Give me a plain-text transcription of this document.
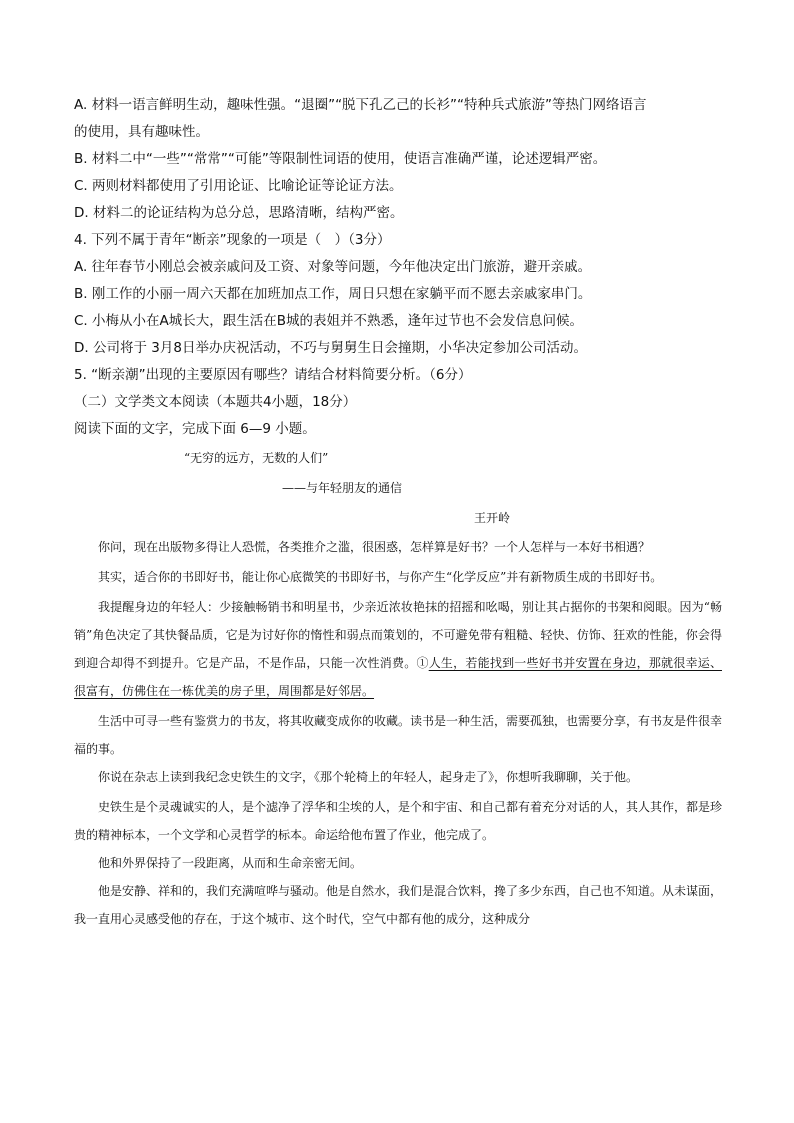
A. 材料一语言鲜明生动，趣味性强。“退圈”“脱下孔乙己的长衫”“特种兵式旅游”等热门网络语言
的使用，具有趣味性。
B. 材料二中“一些”“常常”“可能”等限制性词语的使用，使语言准确严谨，论述逻辑严密。
C. 两则材料都使用了引用论证、比喻论证等论证方法。
D. 材料二的论证结构为总分总，思路清晰，结构严密。
4. 下列不属于青年“断亲”现象的一项是（　）（3分）
A. 往年春节小刚总会被亲戚问及工资、对象等问题，今年他决定出门旅游，避开亲戚。
B. 刚工作的小丽一周六天都在加班加点工作，周日只想在家躺平而不愿去亲戚家串门。
C. 小梅从小在A城长大，跟生活在B城的表姐并不熟悉，逢年过节也不会发信息问候。
D. 公司将于 3月8日举办庆祝活动，不巧与舅舅生日会撞期，小华决定参加公司活动。
5. “断亲潮”出现的主要原因有哪些？请结合材料简要分析。（6分）
（二）文学类文本阅读（本题共4小题，18分）
阅读下面的文字，完成下面 6—9 小题。
“无穷的远方，无数的人们”
——与年轻朋友的通信
王开岭

你问，现在出版物多得让人恐慌，各类推介之滥，很困惑，怎样算是好书？一个人怎样与一本好书相遇？

其实，适合你的书即好书，能让你心底微笑的书即好书，与你产生“化学反应”并有新物质生成的书即好书。

我提醒身边的年轻人：少接触畅销书和明星书，少亲近浓妆艳抹的招摇和吆喝，别让其占据你的书架和阅眼。因为“畅销”角色决定了其快餐品质，它是为讨好你的惰性和弱点而策划的，不可避免带有粗糙、轻快、仿饰、狂欢的性能，你会得到迎合却得不到提升。它是产品，不是作品，只能一次性消费。①人生，若能找到一些好书并安置在身边，那就很幸运、很富有，仿佛住在一栋优美的房子里，周围都是好邻居。

生活中可寻一些有鉴赏力的书友，将其收藏变成你的收藏。读书是一种生活，需要孤独，也需要分享，有书友是件很幸福的事。

你说在杂志上读到我纪念史铁生的文字，《那个轮椅上的年轻人，起身走了》，你想听我聊聊，关于他。

史铁生是个灵魂诚实的人，是个滤净了浮华和尘埃的人，是个和宇宙、和自己都有着充分对话的人，其人其作，都是珍贵的精神标本，一个文学和心灵哲学的标本。命运给他布置了作业，他完成了。

他和外界保持了一段距离，从而和生命亲密无间。

他是安静、祥和的，我们充满喧哗与骚动。他是自然水，我们是混合饮料，搀了多少东西，自己也不知道。从未谋面，我一直用心灵感受他的存在，于这个城市、这个时代，空气中都有他的成分，这种成分
